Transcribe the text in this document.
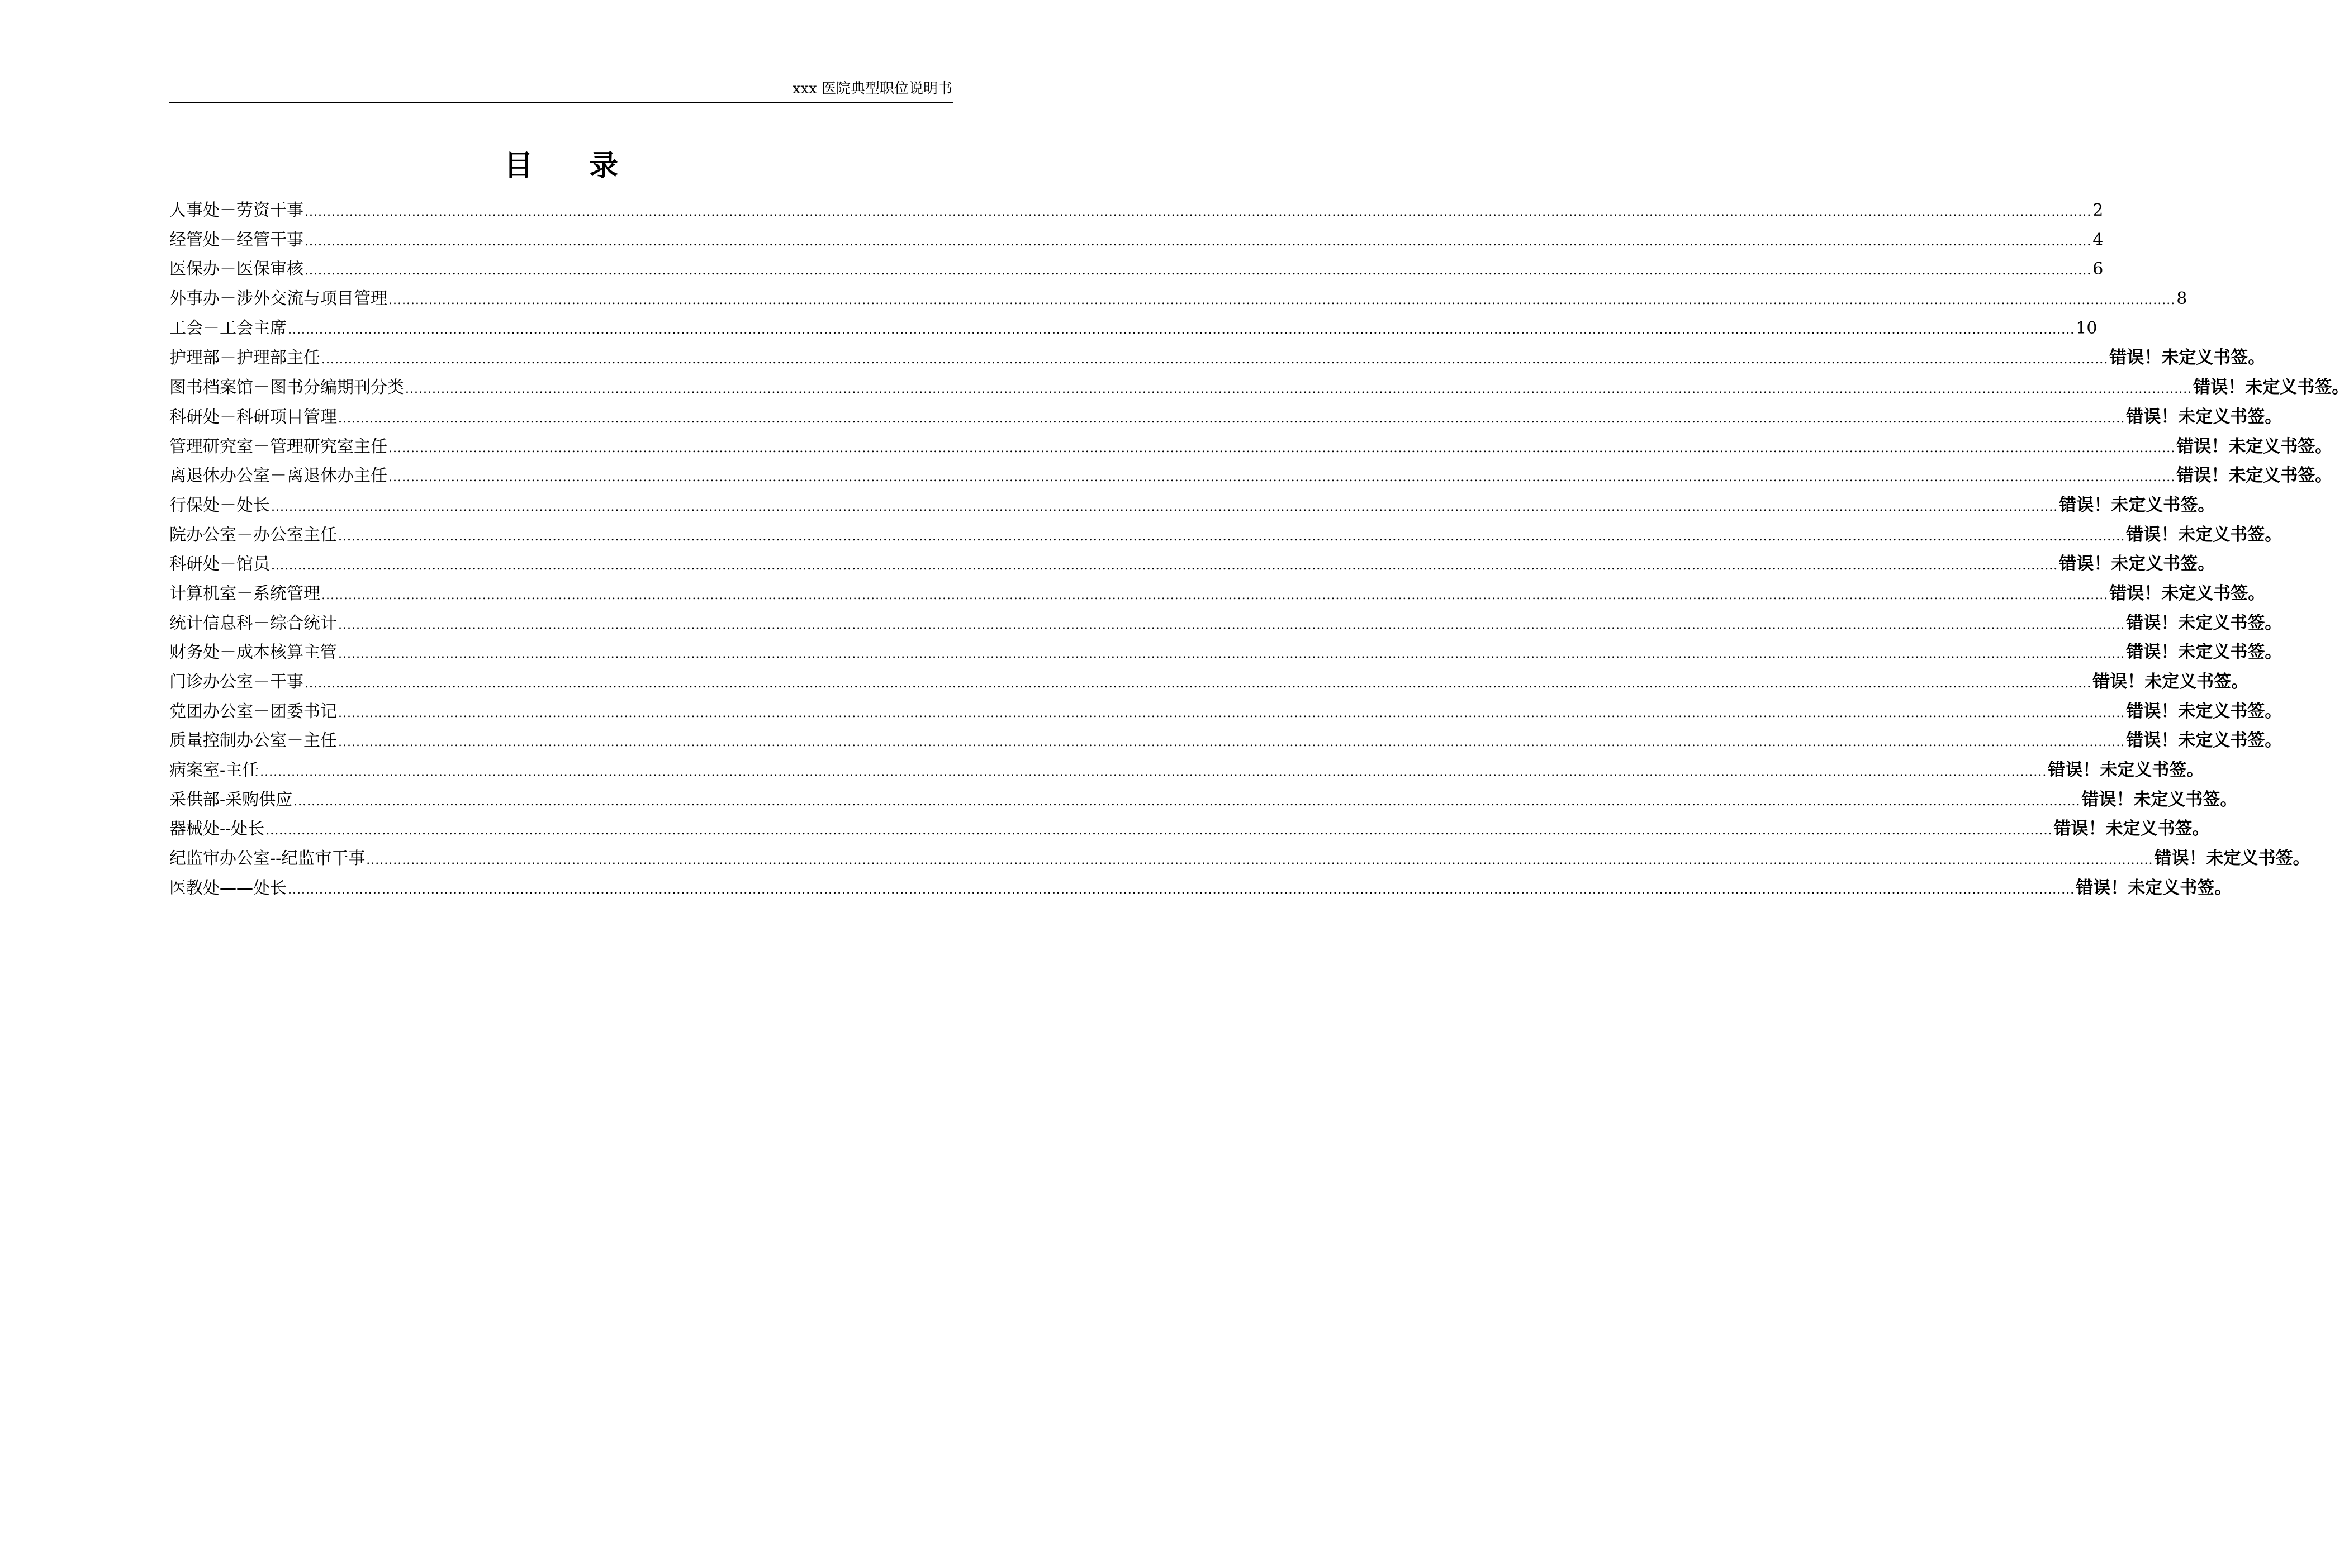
xxx 医院典型职位说明书
目录
人事处－劳资干事 ................................................................................................................................................................................................................................................................................................................................................................................................................ 2
经管处－经管干事 ................................................................................................................................................................................................................................................................................................................................................................................................................ 4
医保办－医保审核 ................................................................................................................................................................................................................................................................................................................................................................................................................ 6
外事办－涉外交流与项目管理 ................................................................................................................................................................................................................................................................................................................................................................................................................ 8
工会－工会主席 ................................................................................................................................................................................................................................................................................................................................................................................................................ 10
护理部－护理部主任 ................................................................................................................................................................................................................................................................................................................................................................................................................ 错误！未定义书签。
图书档案馆－图书分编期刊分类 ................................................................................................................................................................................................................................................................................................................................................................................................................ 错误！未定义书签。
科研处－科研项目管理 ................................................................................................................................................................................................................................................................................................................................................................................................................ 错误！未定义书签。
管理研究室－管理研究室主任 ................................................................................................................................................................................................................................................................................................................................................................................................................ 错误！未定义书签。
离退休办公室－离退休办主任 ................................................................................................................................................................................................................................................................................................................................................................................................................ 错误！未定义书签。
行保处－处长 ................................................................................................................................................................................................................................................................................................................................................................................................................ 错误！未定义书签。
院办公室－办公室主任 ................................................................................................................................................................................................................................................................................................................................................................................................................ 错误！未定义书签。
科研处－馆员 ................................................................................................................................................................................................................................................................................................................................................................................................................ 错误！未定义书签。
计算机室－系统管理 ................................................................................................................................................................................................................................................................................................................................................................................................................ 错误！未定义书签。
统计信息科－综合统计 ................................................................................................................................................................................................................................................................................................................................................................................................................ 错误！未定义书签。
财务处－成本核算主管 ................................................................................................................................................................................................................................................................................................................................................................................................................ 错误！未定义书签。
门诊办公室－干事 ................................................................................................................................................................................................................................................................................................................................................................................................................ 错误！未定义书签。
党团办公室－团委书记 ................................................................................................................................................................................................................................................................................................................................................................................................................ 错误！未定义书签。
质量控制办公室－主任 ................................................................................................................................................................................................................................................................................................................................................................................................................ 错误！未定义书签。
病案室-主任 ................................................................................................................................................................................................................................................................................................................................................................................................................ 错误！未定义书签。
采供部-采购供应 ................................................................................................................................................................................................................................................................................................................................................................................................................ 错误！未定义书签。
器械处--处长 ................................................................................................................................................................................................................................................................................................................................................................................................................ 错误！未定义书签。
纪监审办公室--纪监审干事 ................................................................................................................................................................................................................................................................................................................................................................................................................ 错误！未定义书签。
医教处——处长 ................................................................................................................................................................................................................................................................................................................................................................................................................ 错误！未定义书签。
